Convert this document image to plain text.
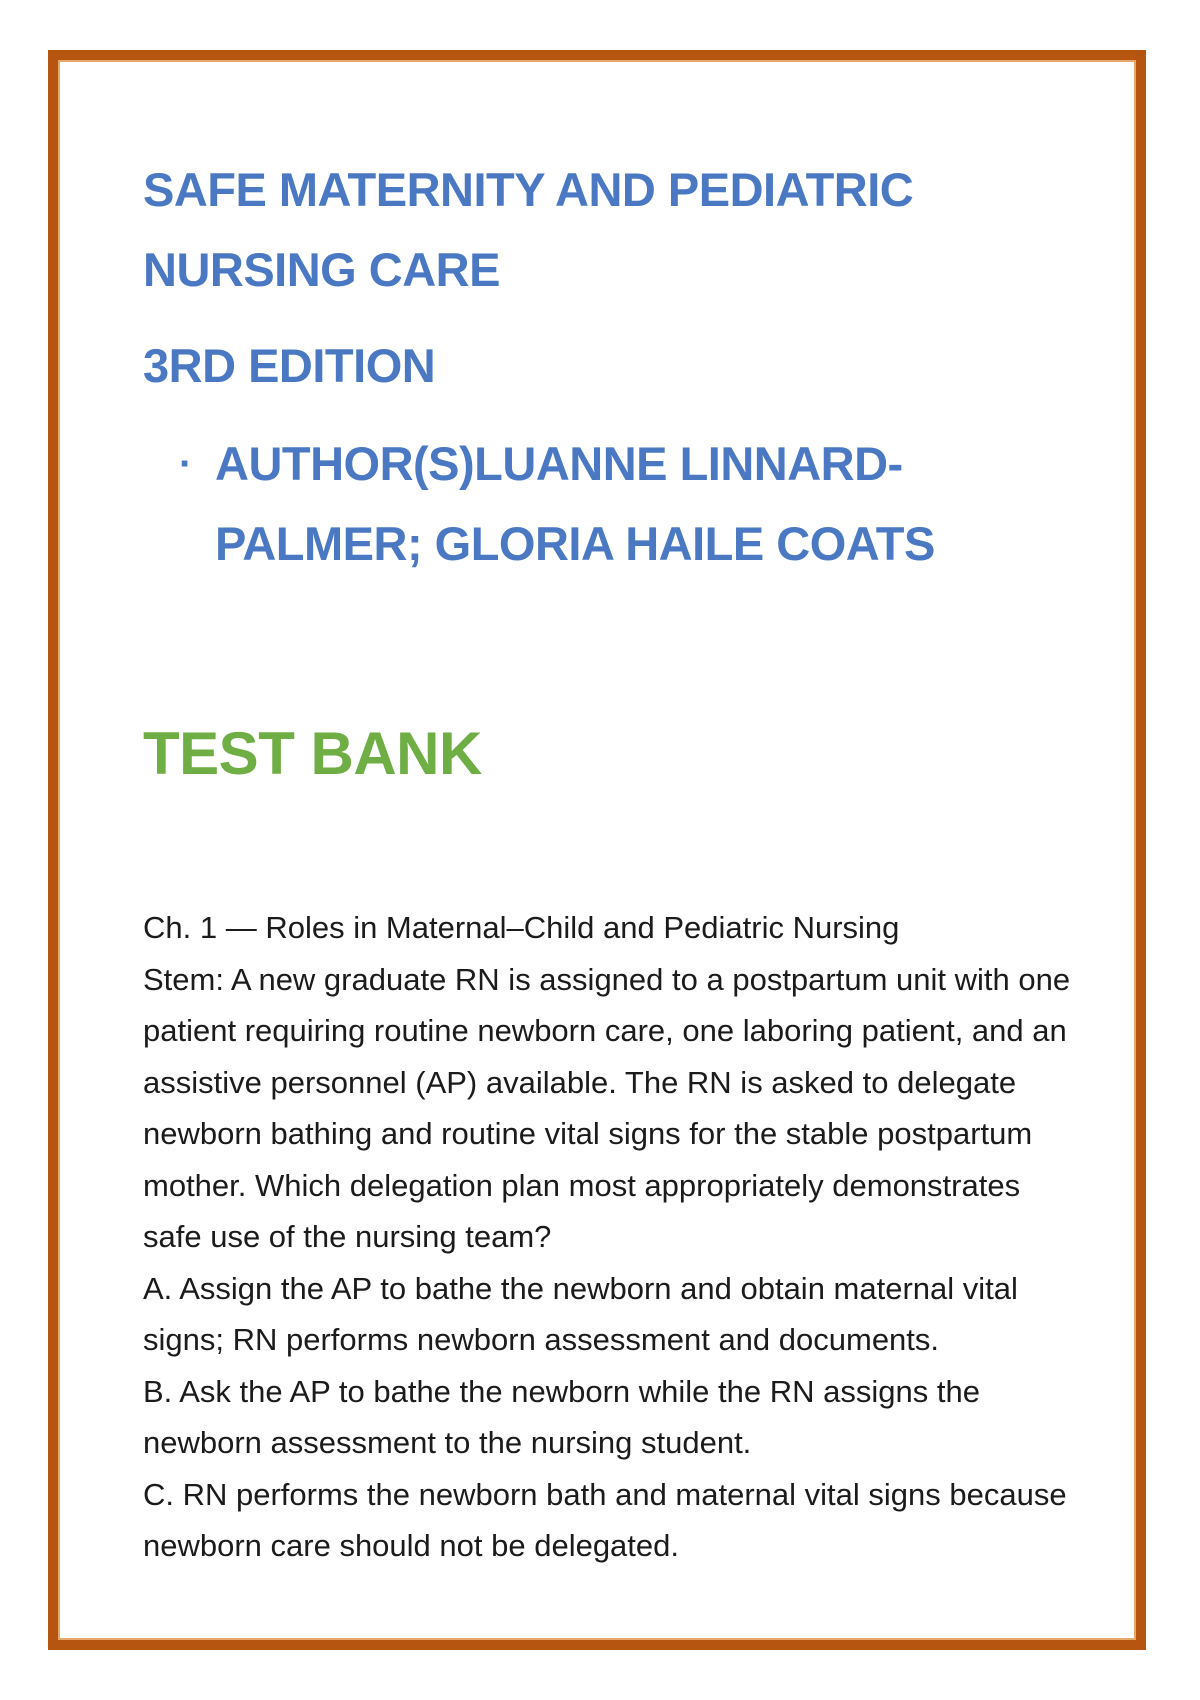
SAFE MATERNITY AND PEDIATRIC NURSING CARE
3RD EDITION
· AUTHOR(S)LUANNE LINNARD-PALMER; GLORIA HAILE COATS
TEST BANK

Ch. 1 — Roles in Maternal–Child and Pediatric Nursing

Stem: A new graduate RN is assigned to a postpartum unit with one patient requiring routine newborn care, one laboring patient, and an assistive personnel (AP) available. The RN is asked to delegate newborn bathing and routine vital signs for the stable postpartum mother. Which delegation plan most appropriately demonstrates safe use of the nursing team?

A. Assign the AP to bathe the newborn and obtain maternal vital signs; RN performs newborn assessment and documents.

B. Ask the AP to bathe the newborn while the RN assigns the newborn assessment to the nursing student.

C. RN performs the newborn bath and maternal vital signs because newborn care should not be delegated.
